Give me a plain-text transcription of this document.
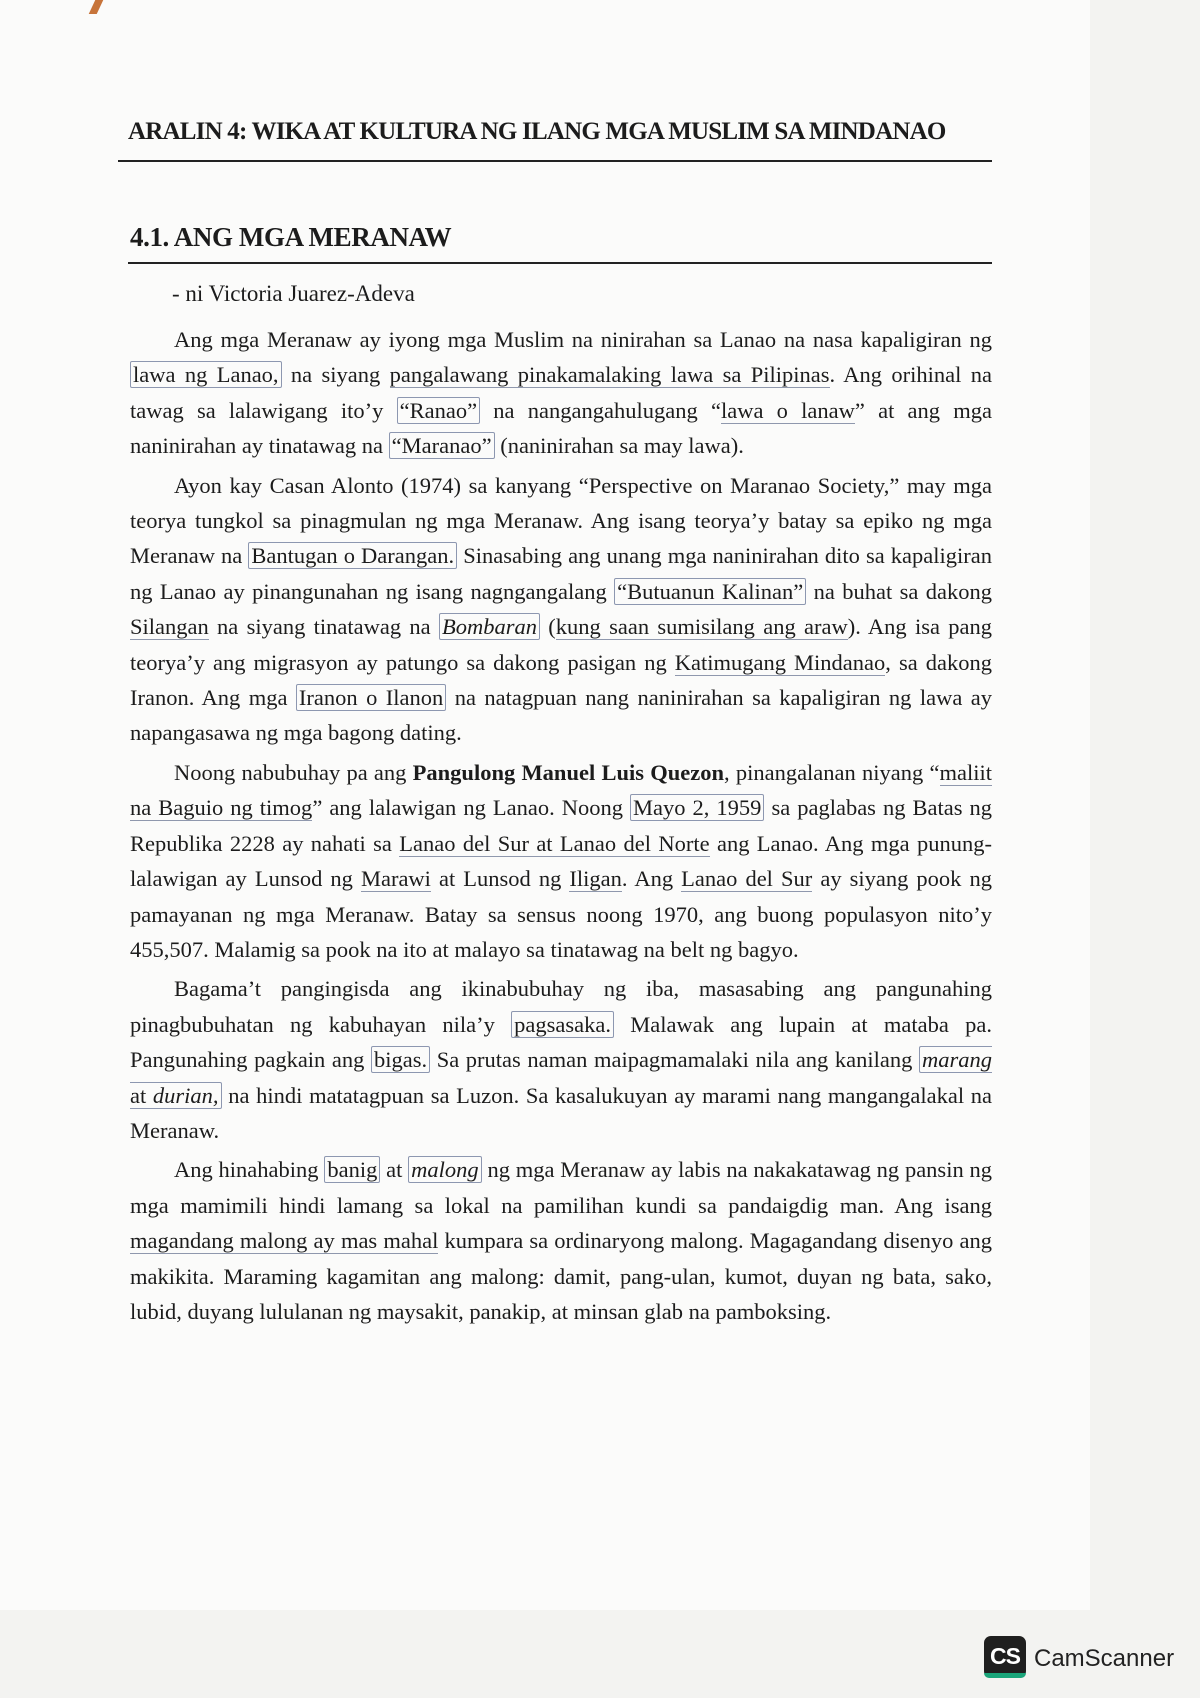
ARALIN 4: WIKA AT KULTURA NG ILANG MGA MUSLIM SA MINDANAO
4.1. ANG MGA MERANAW
- ni Victoria Juarez-Adeva

Ang mga Meranaw ay iyong mga Muslim na ninirahan sa Lanao na nasa kapaligiran ng lawa ng Lanao, na siyang pangalawang pinakamalaking lawa sa Pilipinas. Ang orihinal na tawag sa lalawigang ito’y “Ranao” na nangangahulugang “lawa o lanaw” at ang mga naninirahan ay tinatawag na “Maranao” (naninirahan sa may lawa).

Ayon kay Casan Alonto (1974) sa kanyang “Perspective on Maranao Society,” may mga teorya tungkol sa pinagmulan ng mga Meranaw. Ang isang teorya’y batay sa epiko ng mga Meranaw na Bantugan o Darangan. Sinasabing ang unang mga naninirahan dito sa kapaligiran ng Lanao ay pinangunahan ng isang nagngangalang “Butuanun Kalinan” na buhat sa dakong Silangan na siyang tinatawag na Bombaran (kung saan sumisilang ang araw). Ang isa pang teorya’y ang migrasyon ay patungo sa dakong pasigan ng Katimugang Mindanao, sa dakong Iranon. Ang mga Iranon o Ilanon na natagpuan nang naninirahan sa kapaligiran ng lawa ay napangasawa ng mga bagong dating.

Noong nabubuhay pa ang Pangulong Manuel Luis Quezon, pinangalanan niyang “maliit na Baguio ng timog” ang lalawigan ng Lanao. Noong Mayo 2, 1959 sa paglabas ng Batas ng Republika 2228 ay nahati sa Lanao del Sur at Lanao del Norte ang Lanao. Ang mga punung-lalawigan ay Lunsod ng Marawi at Lunsod ng Iligan. Ang Lanao del Sur ay siyang pook ng pamayanan ng mga Meranaw. Batay sa sensus noong 1970, ang buong populasyon nito’y 455,507. Malamig sa pook na ito at malayo sa tinatawag na belt ng bagyo.

Bagama’t pangingisda ang ikinabubuhay ng iba, masasabing ang pangunahing pinagbubuhatan ng kabuhayan nila’y pagsasaka. Malawak ang lupain at mataba pa. Pangunahing pagkain ang bigas. Sa prutas naman maipagmamalaki nila ang kanilang marang at durian, na hindi matatagpuan sa Luzon. Sa kasalukuyan ay marami nang mangangalakal na Meranaw.

Ang hinahabing banig at malong ng mga Meranaw ay labis na nakakatawag ng pansin ng mga mamimili hindi lamang sa lokal na pamilihan kundi sa pandaigdig man. Ang isang magandang malong ay mas mahal kumpara sa ordinaryong malong. Magagandang disenyo ang makikita. Maraming kagamitan ang malong: damit, pang-ulan, kumot, duyan ng bata, sako, lubid, duyang lululanan ng maysakit, panakip, at minsan glab na pamboksing.

CS CamScanner
